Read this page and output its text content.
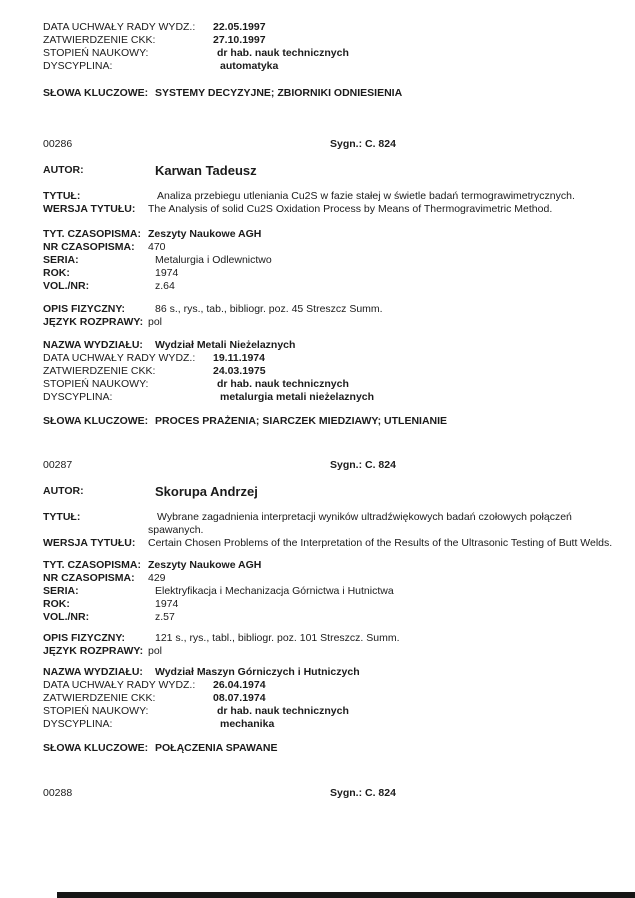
DATA UCHWAŁY RADY WYDZ.:	22.05.1997
ZATWIERDZENIE CKK:	27.10.1997
STOPIEŃ NAUKOWY:	dr hab. nauk technicznych
DYSCYPLINA:	automatyka
SŁOWA KLUCZOWE: SYSTEMY DECYZYJNE; ZBIORNIKI ODNIESIENIA
00286	Sygn.: C. 824
AUTOR:	Karwan Tadeusz
TYTUŁ:	Analiza przebiegu utleniania Cu2S w fazie stałej w świetle badań termograwimetrycznych.
WERSJA TYTUŁU:	The Analysis of solid Cu2S Oxidation Process by Means of Thermogravimetric Method.
TYT. CZASOPISMA: Zeszyty Naukowe AGH
NR CZASOPISMA:	470
SERIA:	Metalurgia i Odlewnictwo
ROK:	1974
VOL./NR:	z.64
OPIS FIZYCZNY:	86 s., rys., tab., bibliogr. poz. 45 Streszcz Summ.
JĘZYK ROZPRAWY: pol
NAZWA WYDZIAŁU:	Wydział Metali Nieżelaznych
DATA UCHWAŁY RADY WYDZ.:	19.11.1974
ZATWIERDZENIE CKK:	24.03.1975
STOPIEŃ NAUKOWY:	dr hab. nauk technicznych
DYSCYPLINA:	metalurgia metali nieżelaznych
SŁOWA KLUCZOWE: PROCES PRAŻENIA; SIARCZEK MIEDZIAWY; UTLENIANIE
00287	Sygn.: C. 824
AUTOR:	Skorupa Andrzej
TYTUŁ:	Wybrane zagadnienia interpretacji wyników ultradźwiękowych badań czołowych połączeń spawanych.
WERSJA TYTUŁU:	Certain Chosen Problems of the Interpretation of the Results of the Ultrasonic Testing of Butt Welds.
TYT. CZASOPISMA: Zeszyty Naukowe AGH
NR CZASOPISMA:	429
SERIA:	Elektryfikacja i Mechanizacja Górnictwa i Hutnictwa
ROK:	1974
VOL./NR:	z.57
OPIS FIZYCZNY:	121 s., rys., tabl., bibliogr. poz. 101 Streszcz. Summ.
JĘZYK ROZPRAWY: pol
NAZWA WYDZIAŁU:	Wydział Maszyn Górniczych i Hutniczych
DATA UCHWAŁY RADY WYDZ.:	26.04.1974
ZATWIERDZENIE CKK:	08.07.1974
STOPIEŃ NAUKOWY:	dr hab. nauk technicznych
DYSCYPLINA:	mechanika
SŁOWA KLUCZOWE: POŁĄCZENIA SPAWANE
00288	Sygn.: C. 824
